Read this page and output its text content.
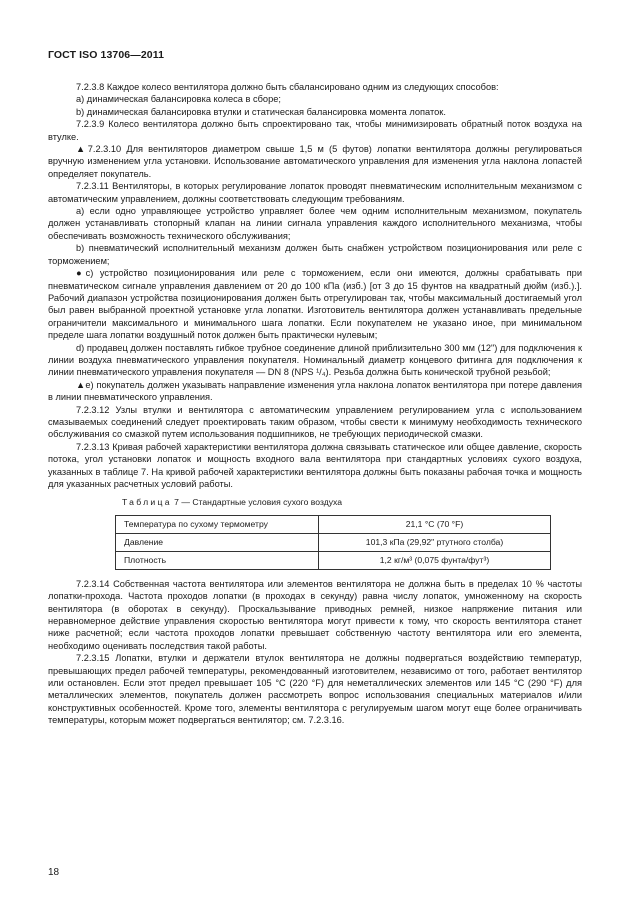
ГОСТ ISO 13706—2011

7.2.3.8 Каждое колесо вентилятора должно быть сбалансировано одним из следующих способов:

a) динамическая балансировка колеса в сборе;

b) динамическая балансировка втулки и статическая балансировка момента лопаток.

7.2.3.9 Колесо вентилятора должно быть спроектировано так, чтобы минимизировать обратный поток воздуха на втулке.

▲7.2.3.10 Для вентиляторов диаметром свыше 1,5 м (5 футов) лопатки вентилятора должны регулироваться вручную изменением угла установки. Использование автоматического управления для изменения угла наклона лопастей определяет покупатель.

7.2.3.11 Вентиляторы, в которых регулирование лопаток проводят пневматическим исполнительным механизмом с автоматическим управлением, должны соответствовать следующим требованиям.

a) если одно управляющее устройство управляет более чем одним исполнительным механизмом, покупатель должен устанавливать стопорный клапан на линии сигнала управления каждого исполнительного механизма, чтобы обеспечивать возможность технического обслуживания;

b) пневматический исполнительный механизм должен быть снабжен устройством позиционирования или реле с торможением;

●c) устройство позиционирования или реле с торможением, если они имеются, должны срабатывать при пневматическом сигнале управления давлением от 20 до 100 кПа (изб.) [от 3 до 15 фунтов на квадратный дюйм (изб.).]. Рабочий диапазон устройства позиционирования должен быть отрегулирован так, чтобы максимальный достигаемый угол был равен выбранной проектной установке угла лопатки. Изготовитель вентилятора должен устанавливать предельные ограничители максимального и минимального шага лопатки. Если покупателем не указано иное, при минимальном пределе шага лопатки воздушный поток должен быть практически нулевым;

d) продавец должен поставлять гибкое трубное соединение длиной приблизительно 300 мм (12") для подключения к линии воздуха пневматического управления покупателя. Номинальный диаметр концевого фитинга для подключения к линии пневматического управления покупателя — DN 8 (NPS ¹/₄). Резьба должна быть конической трубной резьбой;

▲e) покупатель должен указывать направление изменения угла наклона лопаток вентилятора при потере давления в линии пневматического управления.

7.2.3.12 Узлы втулки и вентилятора с автоматическим управлением регулированием угла с использованием смазываемых соединений следует проектировать таким образом, чтобы свести к минимуму необходимость технического обслуживания со смазкой путем использования подшипников, не требующих периодической смазки.

7.2.3.13 Кривая рабочей характеристики вентилятора должна связывать статическое или общее давление, скорость потока, угол установки лопаток и мощность входного вала вентилятора при стандартных условиях сухого воздуха, указанных в таблице 7. На кривой рабочей характеристики вентилятора должны быть показаны рабочая точка и мощность для указанных расчетных условий работы.

Таблица 7 — Стандартные условия сухого воздуха
Температура по сухому термометру	21,1 °C (70 °F)
Давление	101,3 кПа (29,92" ртутного столба)
Плотность	1,2 кг/м³ (0,075 фунта/фут³)

7.2.3.14 Собственная частота вентилятора или элементов вентилятора не должна быть в пределах 10 % частоты лопатки-прохода. Частота проходов лопатки (в проходах в секунду) равна числу лопаток, умноженному на скорость вентилятора (в оборотах в секунду). Проскальзывание приводных ремней, низкое напряжение питания или неравномерное действие управления скоростью вентилятора могут привести к тому, что скорость вентилятора станет ниже расчетной; если частота проходов лопатки превышает собственную частоту вентилятора или его элемента, необходимо оценивать последствия такой работы.

7.2.3.15 Лопатки, втулки и держатели втулок вентилятора не должны подвергаться воздействию температур, превышающих предел рабочей температуры, рекомендованный изготовителем, независимо от того, работает вентилятор или остановлен. Если этот предел превышает 105 °C (220 °F) для неметаллических элементов или 145 °C (290 °F) для металлических элементов, покупатель должен рассмотреть вопрос использования специальных материалов и/или конструктивных особенностей. Кроме того, элементы вентилятора с регулируемым шагом могут еще более ограничивать температуры, которым может подвергаться вентилятор; см. 7.2.3.16.

18
